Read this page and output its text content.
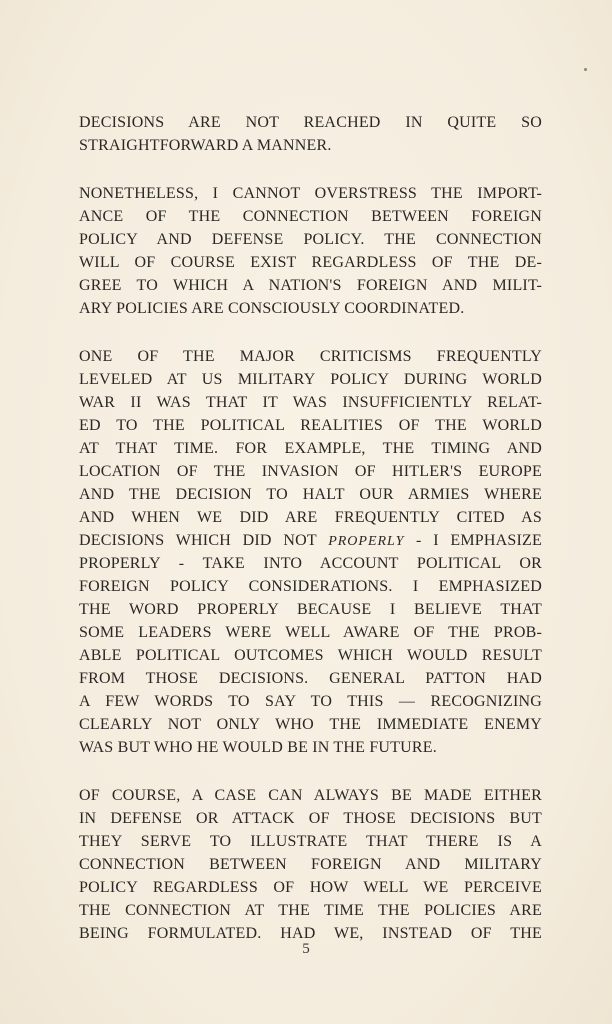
DECISIONS ARE NOT REACHED IN QUITE SO
STRAIGHTFORWARD A MANNER.

NONETHELESS, I CANNOT OVERSTRESS THE IMPORT-
ANCE OF THE CONNECTION BETWEEN FOREIGN
POLICY AND DEFENSE POLICY. THE CONNECTION
WILL OF COURSE EXIST REGARDLESS OF THE DE-
GREE TO WHICH A NATION'S FOREIGN AND MILIT-
ARY POLICIES ARE CONSCIOUSLY COORDINATED.

ONE OF THE MAJOR CRITICISMS FREQUENTLY
LEVELED AT US MILITARY POLICY DURING WORLD
WAR II WAS THAT IT WAS INSUFFICIENTLY RELAT-
ED TO THE POLITICAL REALITIES OF THE WORLD
AT THAT TIME. FOR EXAMPLE, THE TIMING AND
LOCATION OF THE INVASION OF HITLER'S EUROPE
AND THE DECISION TO HALT OUR ARMIES WHERE
AND WHEN WE DID ARE FREQUENTLY CITED AS
DECISIONS WHICH DID NOT PROPERLY - I EMPHASIZE
PROPERLY - TAKE INTO ACCOUNT POLITICAL OR
FOREIGN POLICY CONSIDERATIONS. I EMPHASIZED
THE WORD PROPERLY BECAUSE I BELIEVE THAT
SOME LEADERS WERE WELL AWARE OF THE PROB-
ABLE POLITICAL OUTCOMES WHICH WOULD RESULT
FROM THOSE DECISIONS. GENERAL PATTON HAD
A FEW WORDS TO SAY TO THIS — RECOGNIZING
CLEARLY NOT ONLY WHO THE IMMEDIATE ENEMY
WAS BUT WHO HE WOULD BE IN THE FUTURE.

OF COURSE, A CASE CAN ALWAYS BE MADE EITHER
IN DEFENSE OR ATTACK OF THOSE DECISIONS BUT
THEY SERVE TO ILLUSTRATE THAT THERE IS A
CONNECTION BETWEEN FOREIGN AND MILITARY
POLICY REGARDLESS OF HOW WELL WE PERCEIVE
THE CONNECTION AT THE TIME THE POLICIES ARE
BEING FORMULATED. HAD WE, INSTEAD OF THE

5
